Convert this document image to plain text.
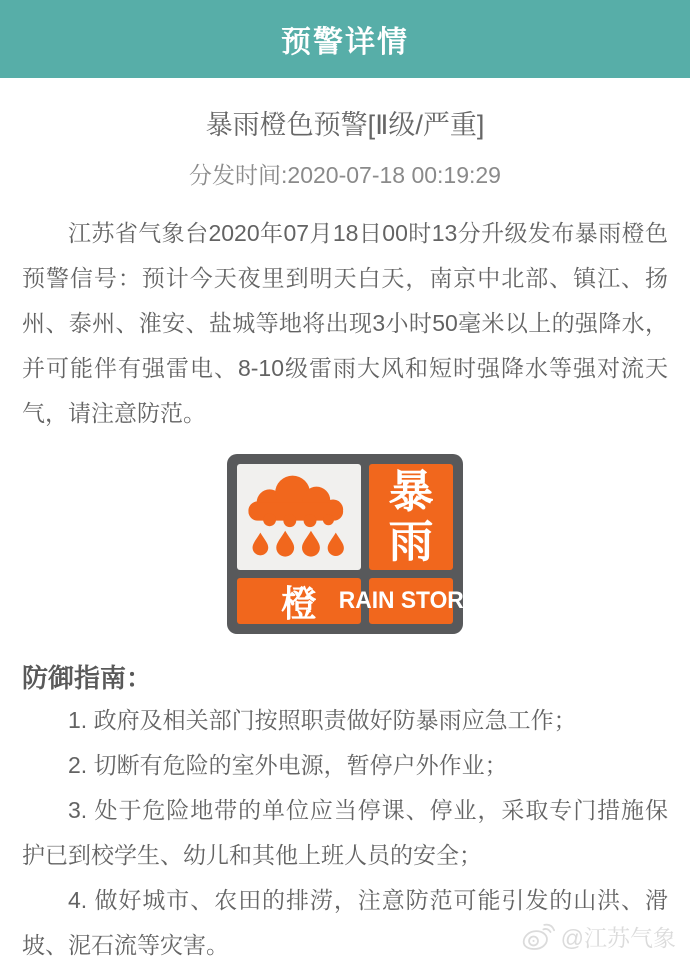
预警详情
暴雨橙色预警[Ⅱ级/严重]
分发时间:2020-07-18 00:19:29

江苏省气象台2020年07月18日00时13分升级发布暴雨橙色预警信号：预计今天夜里到明天白天，南京中北部、镇江、扬州、泰州、淮安、盐城等地将出现3小时50毫米以上的强降水，并可能伴有强雷电、8-10级雷雨大风和短时强降水等强对流天气，请注意防范。

暴
雨
橙 RAIN STORM
防御指南：

1. 政府及相关部门按照职责做好防暴雨应急工作；

2. 切断有危险的室外电源，暂停户外作业；

3. 处于危险地带的单位应当停课、停业，采取专门措施保护已到校学生、幼儿和其他上班人员的安全；

4. 做好城市、农田的排涝，注意防范可能引发的山洪、滑坡、泥石流等灾害。	@江苏气象
